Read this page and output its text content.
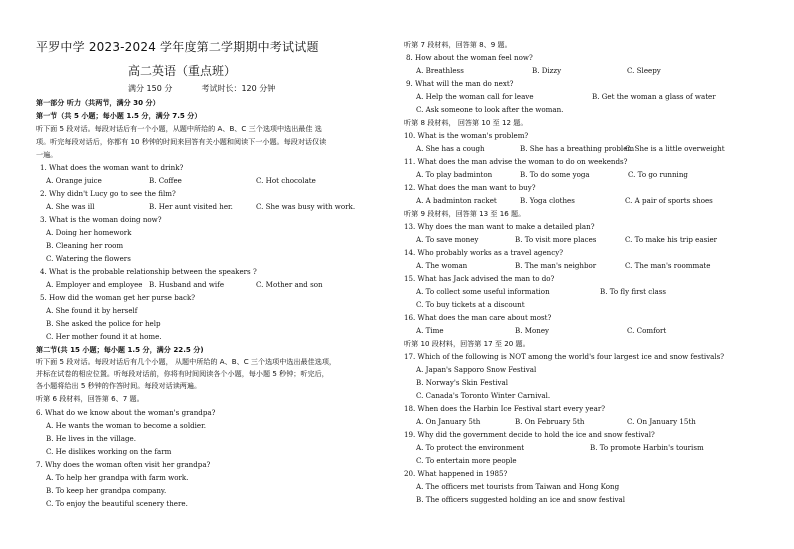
平罗中学 2023-2024 学年度第二学期期中考试试题
高二英语（重点班）
满分 150 分	考试时长：120 分钟
第一部分 听力（共两节，满分 30 分）
第一节（共 5 小题；每小题 1.5 分，满分 7.5 分）
听下面 5 段对话。每段对话后有一个小题，从题中所给的 A、B、C 三个选项中选出最佳 选
项。听完每段对话后，你都有 10 秒钟的时间来回答有关小题和阅读下一小题。每段对话仅读
一遍。
1. What does the woman want to drink?
A. Orange juice	B. Coffee	C. Hot chocolate
2. Why didn't Lucy go to see the film?
A. She was ill	B. Her aunt visited her.	C. She was busy with work.
3. What is the woman doing now?
A. Doing her homework
B. Cleaning her room
C. Watering the flowers
4. What is the probable relationship between the speakers ?
A. Employer and employee B. Husband and wife	C. Mother and son
5. How did the woman get her purse back?
A. She found it by herself
B. She asked the police for help
C. Her mother found it at home.
第二节(共 15 小题；每小题 1.5 分，满分 22.5 分)
听下面 5 段对话。每段对话后有几个小题， 从题中所给的 A、B、C 三个选项中选出最佳选项，
并标在试卷的相应位置。听每段对话前，你将有时间阅读各个小题，每小题 5 秒钟；听完后，
各小题将给出 5 秒钟的作答时间。每段对话读两遍。
听第 6 段材料，回答第 6、7 题。
6. What do we know about the woman's grandpa?
A. He wants the woman to become a soldier.
B. He lives in the village.
C. He dislikes working on the farm
7. Why does the woman often visit her grandpa?
A. To help her grandpa with farm work.
B. To keep her grandpa company.
C. To enjoy the beautiful scenery there.
听第 7 段材料，回答第 8、9 题。
8. How about the woman feel now?
A. Breathless	B. Dizzy	C. Sleepy
9. What will the man do next?
A. Help the woman call for leave	B. Get the woman a glass of water
C. Ask someone to look after the woman.
听第 8 段材料， 回答第 10 至 12 题。
10. What is the woman's problem?
A. She has a cough	B. She has a breathing problem
C. She is a little overweight
11. What does the man advise the woman to do on weekends?
A. To play badminton	B. To do some yoga	C. To go running
12. What does the man want to buy?
A. A badminton racket	B. Yoga clothes	C. A pair of sports shoes
听第 9 段材料，回答第 13 至 16 题。
13. Why does the man want to make a detailed plan?
A. To save money	B. To visit more places	C. To make his trip easier
14. Who probably works as a travel agency?
A. The woman	B. The man's neighbor	C. The man's roommate
15. What has Jack advised the man to do?
A. To collect some useful information	B. To fly first class
C. To buy tickets at a discount
16. What does the man care about most?
A. Time	B. Money	C. Comfort
听第 10 段材料，回答第 17 至 20 题。
17. Which of the following is NOT among the world's four largest ice and snow festivals?
A. Japan's Sapporo Snow Festival
B. Norway's Skin Festival
C. Canada's Toronto Winter Carnival.
18. When does the Harbin Ice Festival start every year?
A. On January 5th	B. On February 5th	C. On January 15th
19. Why did the government decide to hold the ice and snow festival?
A. To protect the environment	B. To promote Harbin's tourism
C. To entertain more people
20. What happened in 1985?
A. The officers met tourists from Taiwan and Hong Kong
B. The officers suggested holding an ice and snow festival
